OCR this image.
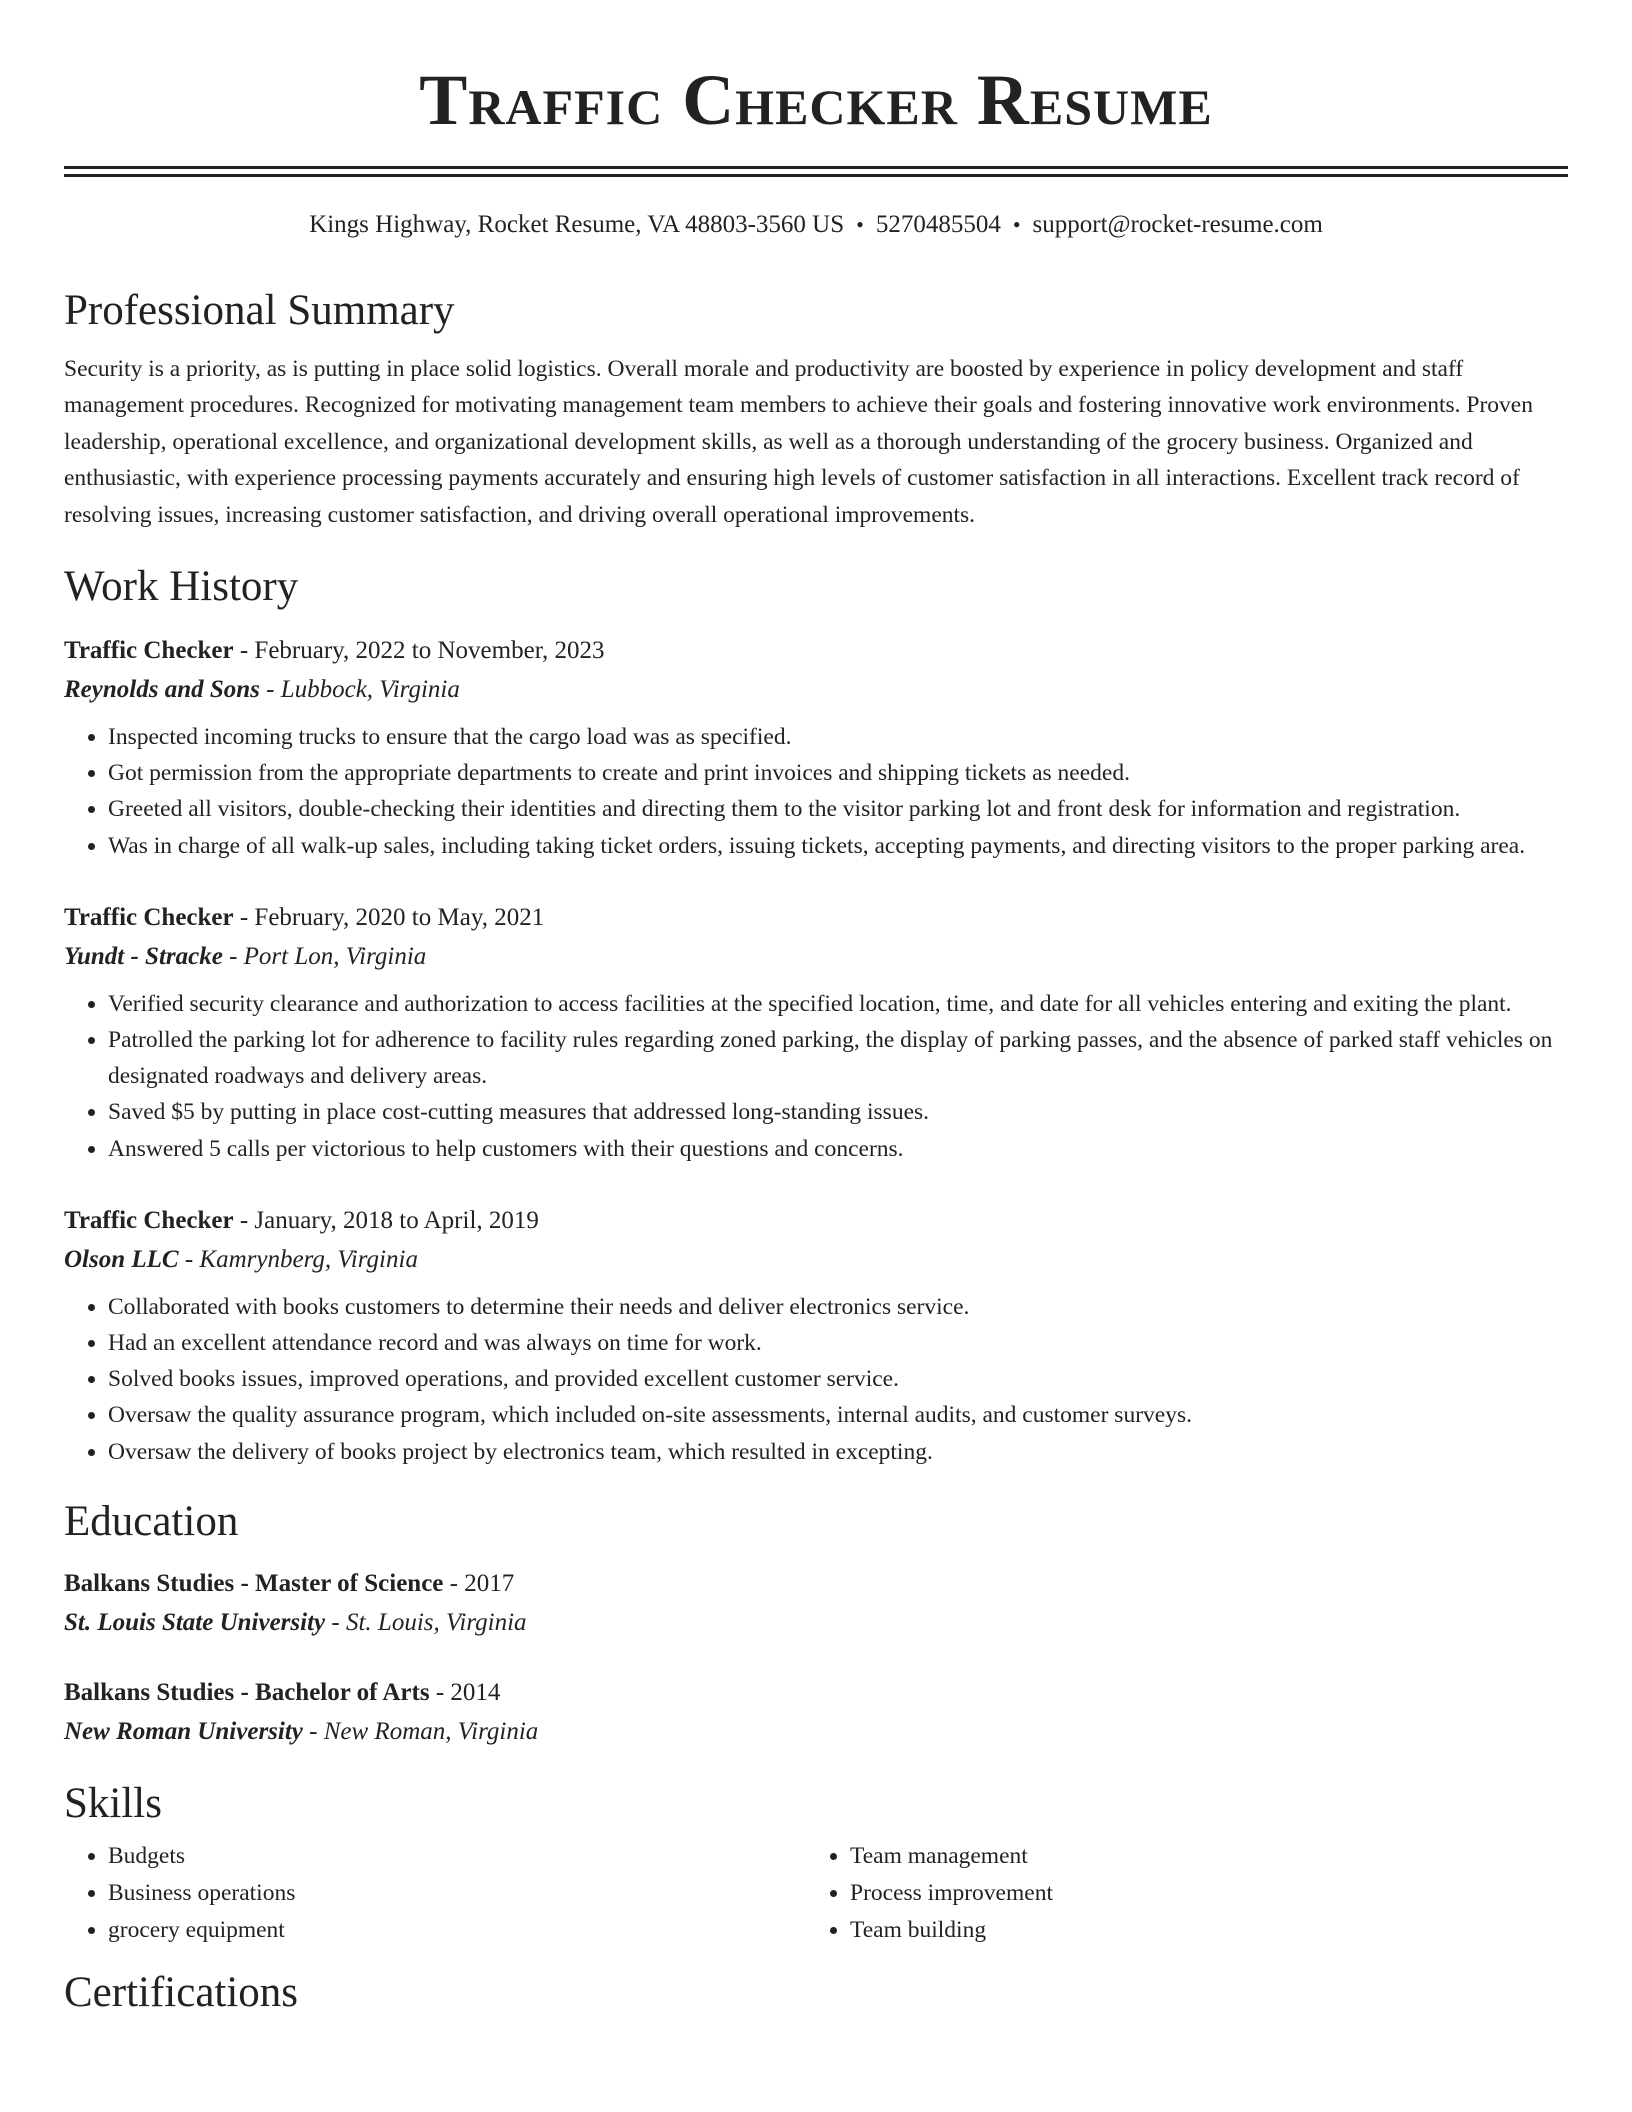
Traffic Checker Resume
Kings Highway, Rocket Resume, VA 48803-3560 US • 5270485504 • support@rocket-resume.com
Professional Summary
Security is a priority, as is putting in place solid logistics. Overall morale and productivity are boosted by experience in policy development and staff management procedures. Recognized for motivating management team members to achieve their goals and fostering innovative work environments. Proven leadership, operational excellence, and organizational development skills, as well as a thorough understanding of the grocery business. Organized and enthusiastic, with experience processing payments accurately and ensuring high levels of customer satisfaction in all interactions. Excellent track record of resolving issues, increasing customer satisfaction, and driving overall operational improvements.
Work History
Traffic Checker - February, 2022 to November, 2023
Reynolds and Sons - Lubbock, Virginia
• Inspected incoming trucks to ensure that the cargo load was as specified.
• Got permission from the appropriate departments to create and print invoices and shipping tickets as needed.
• Greeted all visitors, double-checking their identities and directing them to the visitor parking lot and front desk for information and registration.
• Was in charge of all walk-up sales, including taking ticket orders, issuing tickets, accepting payments, and directing visitors to the proper parking area.
Traffic Checker - February, 2020 to May, 2021
Yundt - Stracke - Port Lon, Virginia
• Verified security clearance and authorization to access facilities at the specified location, time, and date for all vehicles entering and exiting the plant.
• Patrolled the parking lot for adherence to facility rules regarding zoned parking, the display of parking passes, and the absence of parked staff vehicles on designated roadways and delivery areas.
• Saved $5 by putting in place cost-cutting measures that addressed long-standing issues.
• Answered 5 calls per victorious to help customers with their questions and concerns.
Traffic Checker - January, 2018 to April, 2019
Olson LLC - Kamrynberg, Virginia
• Collaborated with books customers to determine their needs and deliver electronics service.
• Had an excellent attendance record and was always on time for work.
• Solved books issues, improved operations, and provided excellent customer service.
• Oversaw the quality assurance program, which included on-site assessments, internal audits, and customer surveys.
• Oversaw the delivery of books project by electronics team, which resulted in excepting.
Education
Balkans Studies - Master of Science - 2017
St. Louis State University - St. Louis, Virginia
Balkans Studies - Bachelor of Arts - 2014
New Roman University - New Roman, Virginia
Skills
• Budgets
• Business operations
• grocery equipment
• Team management
• Process improvement
• Team building
Certifications
